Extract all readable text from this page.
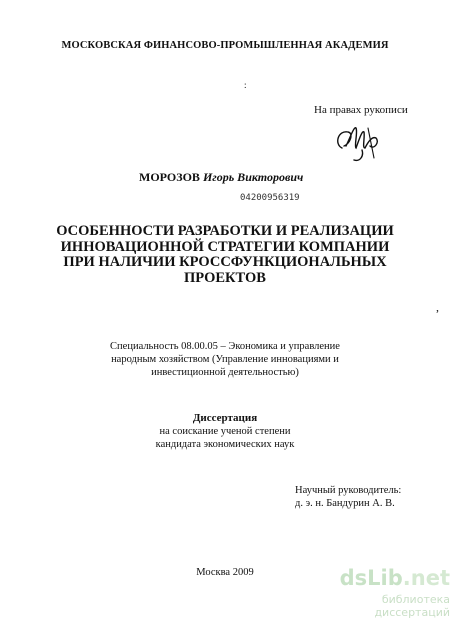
МОСКОВСКАЯ ФИНАНСОВО-ПРОМЫШЛЕННАЯ АКАДЕМИЯ
:
На правах рукописи
МОРОЗОВ Игорь Викторович
04200956319
ОСОБЕННОСТИ РАЗРАБОТКИ И РЕАЛИЗАЦИИ
ИННОВАЦИОННОЙ СТРАТЕГИИ КОМПАНИИ
ПРИ НАЛИЧИИ КРОССФУНКЦИОНАЛЬНЫХ
ПРОЕКТОВ
,
Специальность 08.00.05 – Экономика и управление
народным хозяйством (Управление инновациями и
инвестиционной деятельностью)
Диссертация
на соискание ученой степени
кандидата экономических наук
Научный руководитель:
д. э. н. Бандурин А. В.
Москва 2009	dsLib.net
библиотека диссертаций
